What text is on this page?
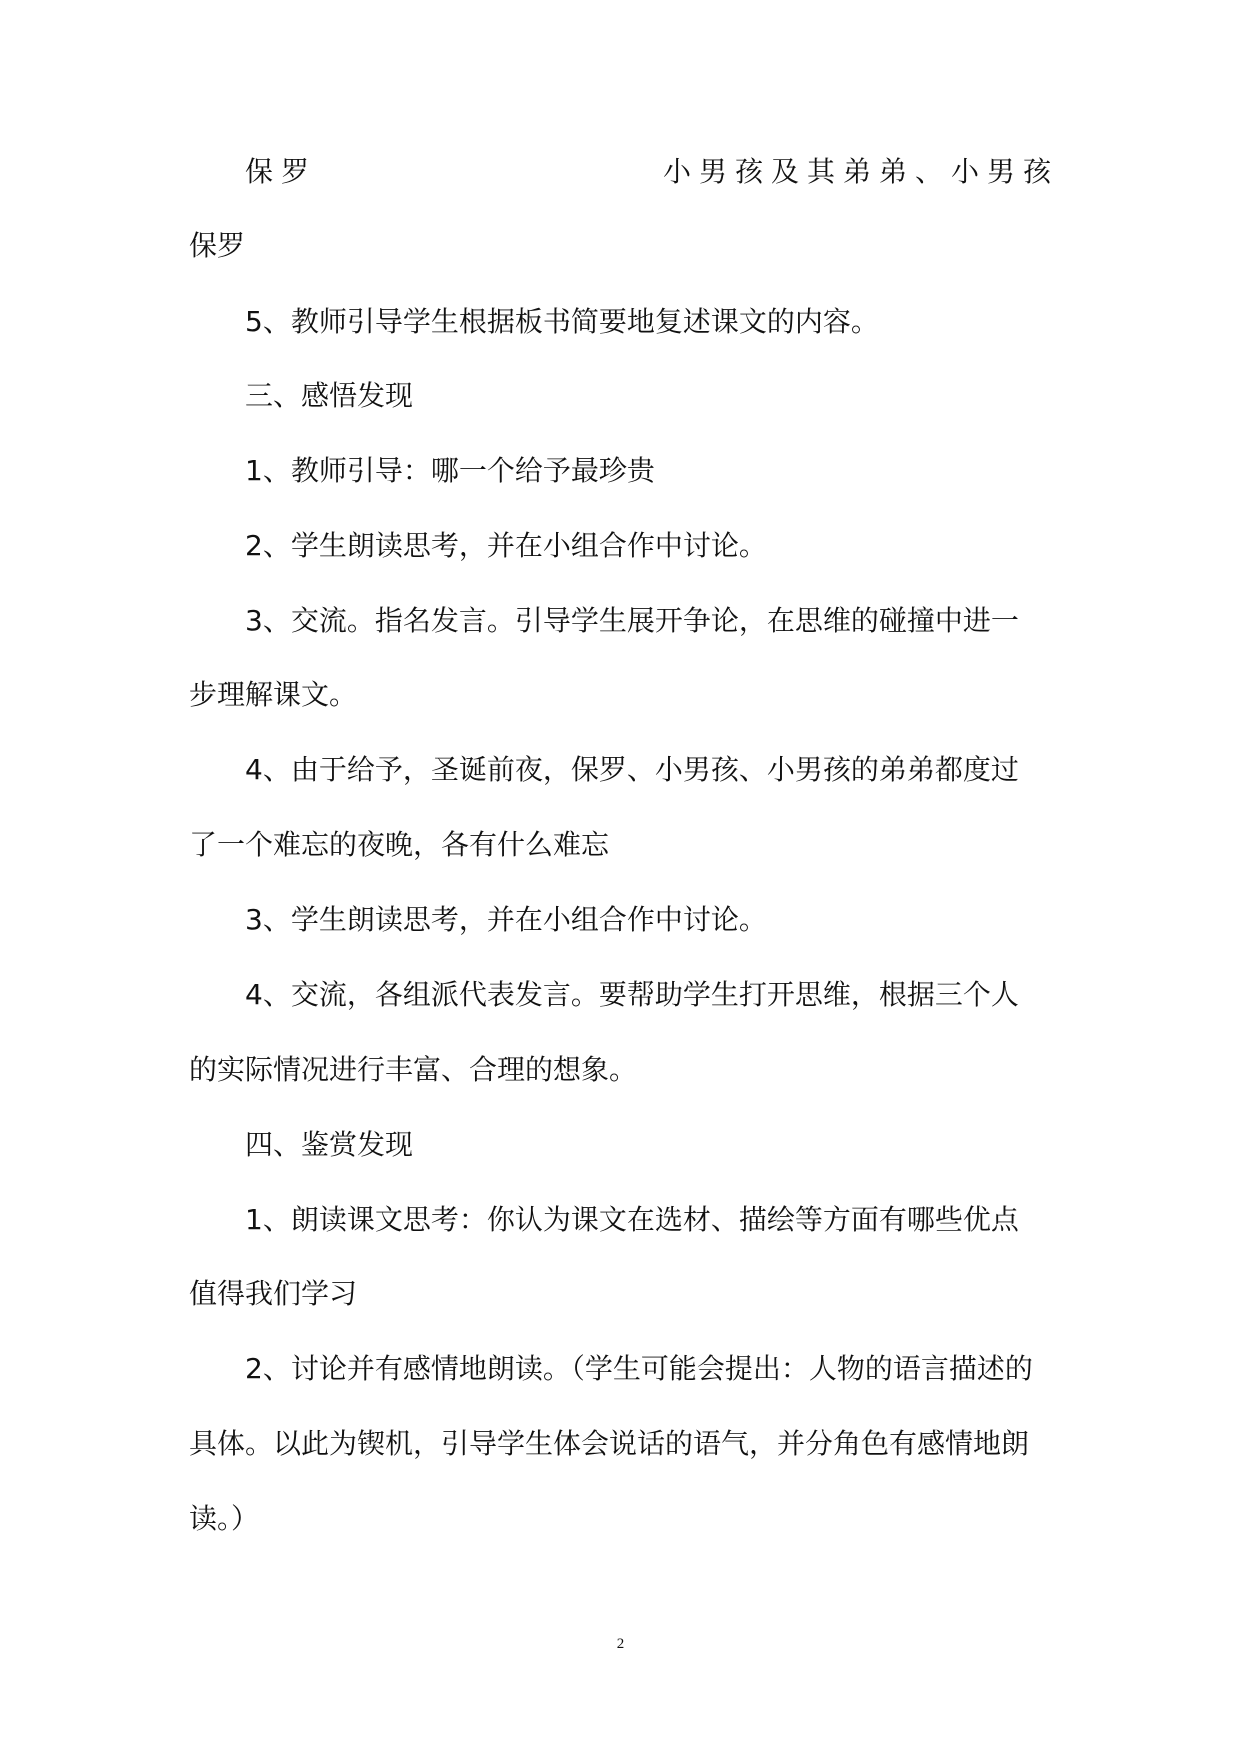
保罗	小男孩及其弟弟、小男孩
保罗
5、教师引导学生根据板书简要地复述课文的内容。
三、感悟发现
1、教师引导：哪一个给予最珍贵
2、学生朗读思考，并在小组合作中讨论。
3、交流。指名发言。引导学生展开争论，在思维的碰撞中进一
步理解课文。
4、由于给予，圣诞前夜，保罗、小男孩、小男孩的弟弟都度过
了一个难忘的夜晚，各有什么难忘
3、学生朗读思考，并在小组合作中讨论。
4、交流，各组派代表发言。要帮助学生打开思维，根据三个人
的实际情况进行丰富、合理的想象。
四、鉴赏发现
1、朗读课文思考：你认为课文在选材、描绘等方面有哪些优点
值得我们学习
2、讨论并有感情地朗读。（学生可能会提出：人物的语言描述的
具体。以此为锲机，引导学生体会说话的语气，并分角色有感情地朗
读。）
2
